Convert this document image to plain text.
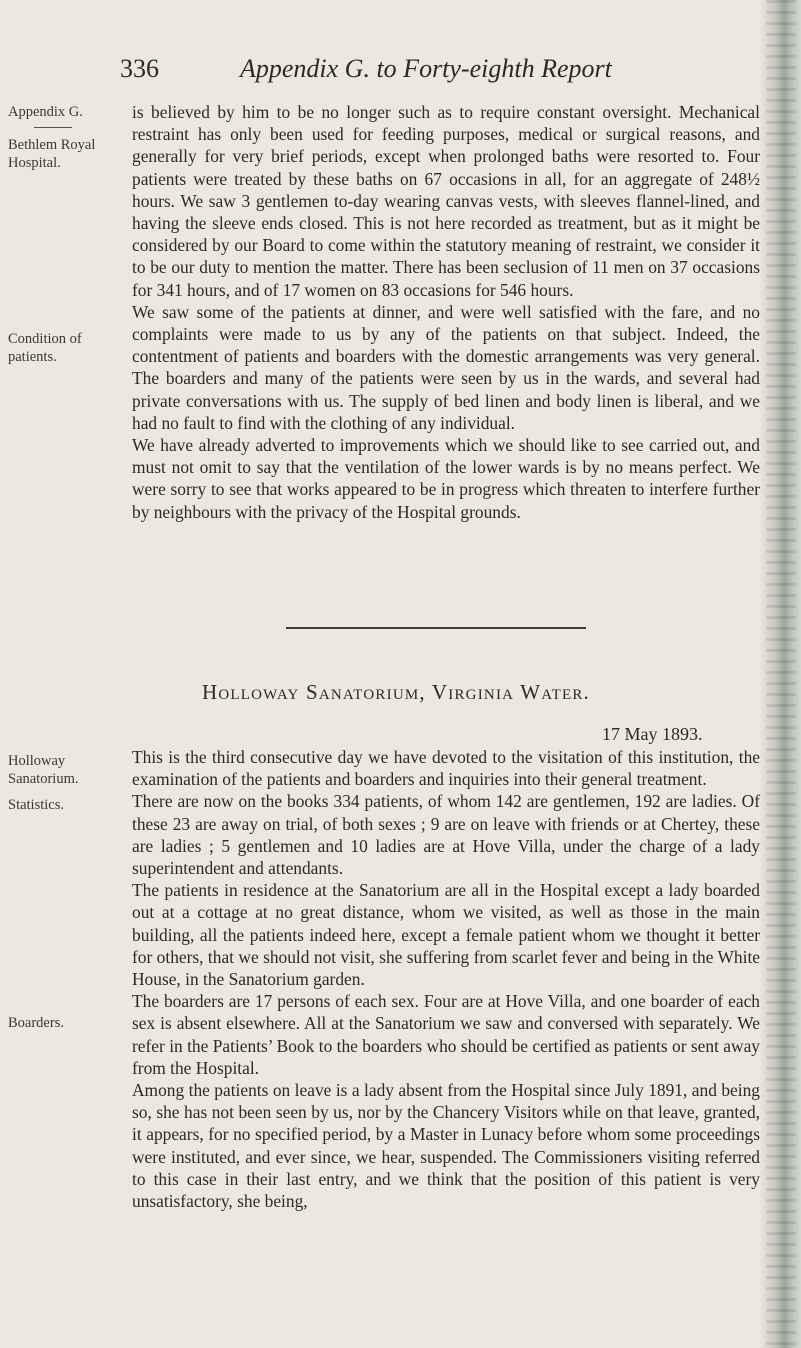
336	Appendix G. to Forty-eighth Report
Appendix G.
Bethlem Royal
Hospital.
Condition of
patients.
Holloway
Sanatorium.
Statistics.
Boarders.

is believed by him to be no longer such as to require constant oversight. Mechanical restraint has only been used for feeding purposes, medical or surgical reasons, and generally for very brief periods, except when prolonged baths were resorted to. Four patients were treated by these baths on 67 occasions in all, for an aggregate of 248½ hours. We saw 3 gentlemen to-day wearing canvas vests, with sleeves flannel-lined, and having the sleeve ends closed. This is not here recorded as treatment, but as it might be considered by our Board to come within the statutory meaning of restraint, we consider it to be our duty to mention the matter. There has been seclusion of 11 men on 37 occasions for 341 hours, and of 17 women on 83 occasions for 546 hours.

We saw some of the patients at dinner, and were well satisfied with the fare, and no complaints were made to us by any of the patients on that subject. Indeed, the contentment of patients and boarders with the domestic arrangements was very general. The boarders and many of the patients were seen by us in the wards, and several had private conversations with us. The supply of bed linen and body linen is liberal, and we had no fault to find with the clothing of any individual.

We have already adverted to improvements which we should like to see carried out, and must not omit to say that the ventilation of the lower wards is by no means perfect. We were sorry to see that works appeared to be in progress which threaten to interfere further by neighbours with the privacy of the Hospital grounds.

Holloway Sanatorium, Virginia Water.
17 May 1893.

This is the third consecutive day we have devoted to the visitation of this institution, the examination of the patients and boarders and inquiries into their general treatment.

There are now on the books 334 patients, of whom 142 are gentlemen, 192 are ladies. Of these 23 are away on trial, of both sexes ; 9 are on leave with friends or at Chertey, these are ladies ; 5 gentlemen and 10 ladies are at Hove Villa, under the charge of a lady superintendent and attendants.

The patients in residence at the Sanatorium are all in the Hospital except a lady boarded out at a cottage at no great distance, whom we visited, as well as those in the main building, all the patients indeed here, except a female patient whom we thought it better for others, that we should not visit, she suffering from scarlet fever and being in the White House, in the Sanatorium garden.

The boarders are 17 persons of each sex. Four are at Hove Villa, and one boarder of each sex is absent elsewhere. All at the Sanatorium we saw and conversed with separately. We refer in the Patients’ Book to the boarders who should be certified as patients or sent away from the Hospital.

Among the patients on leave is a lady absent from the Hospital since July 1891, and being so, she has not been seen by us, nor by the Chancery Visitors while on that leave, granted, it appears, for no specified period, by a Master in Lunacy before whom some proceedings were instituted, and ever since, we hear, suspended. The Commissioners visiting referred to this case in their last entry, and we think that the position of this patient is very unsatisfactory, she being,
